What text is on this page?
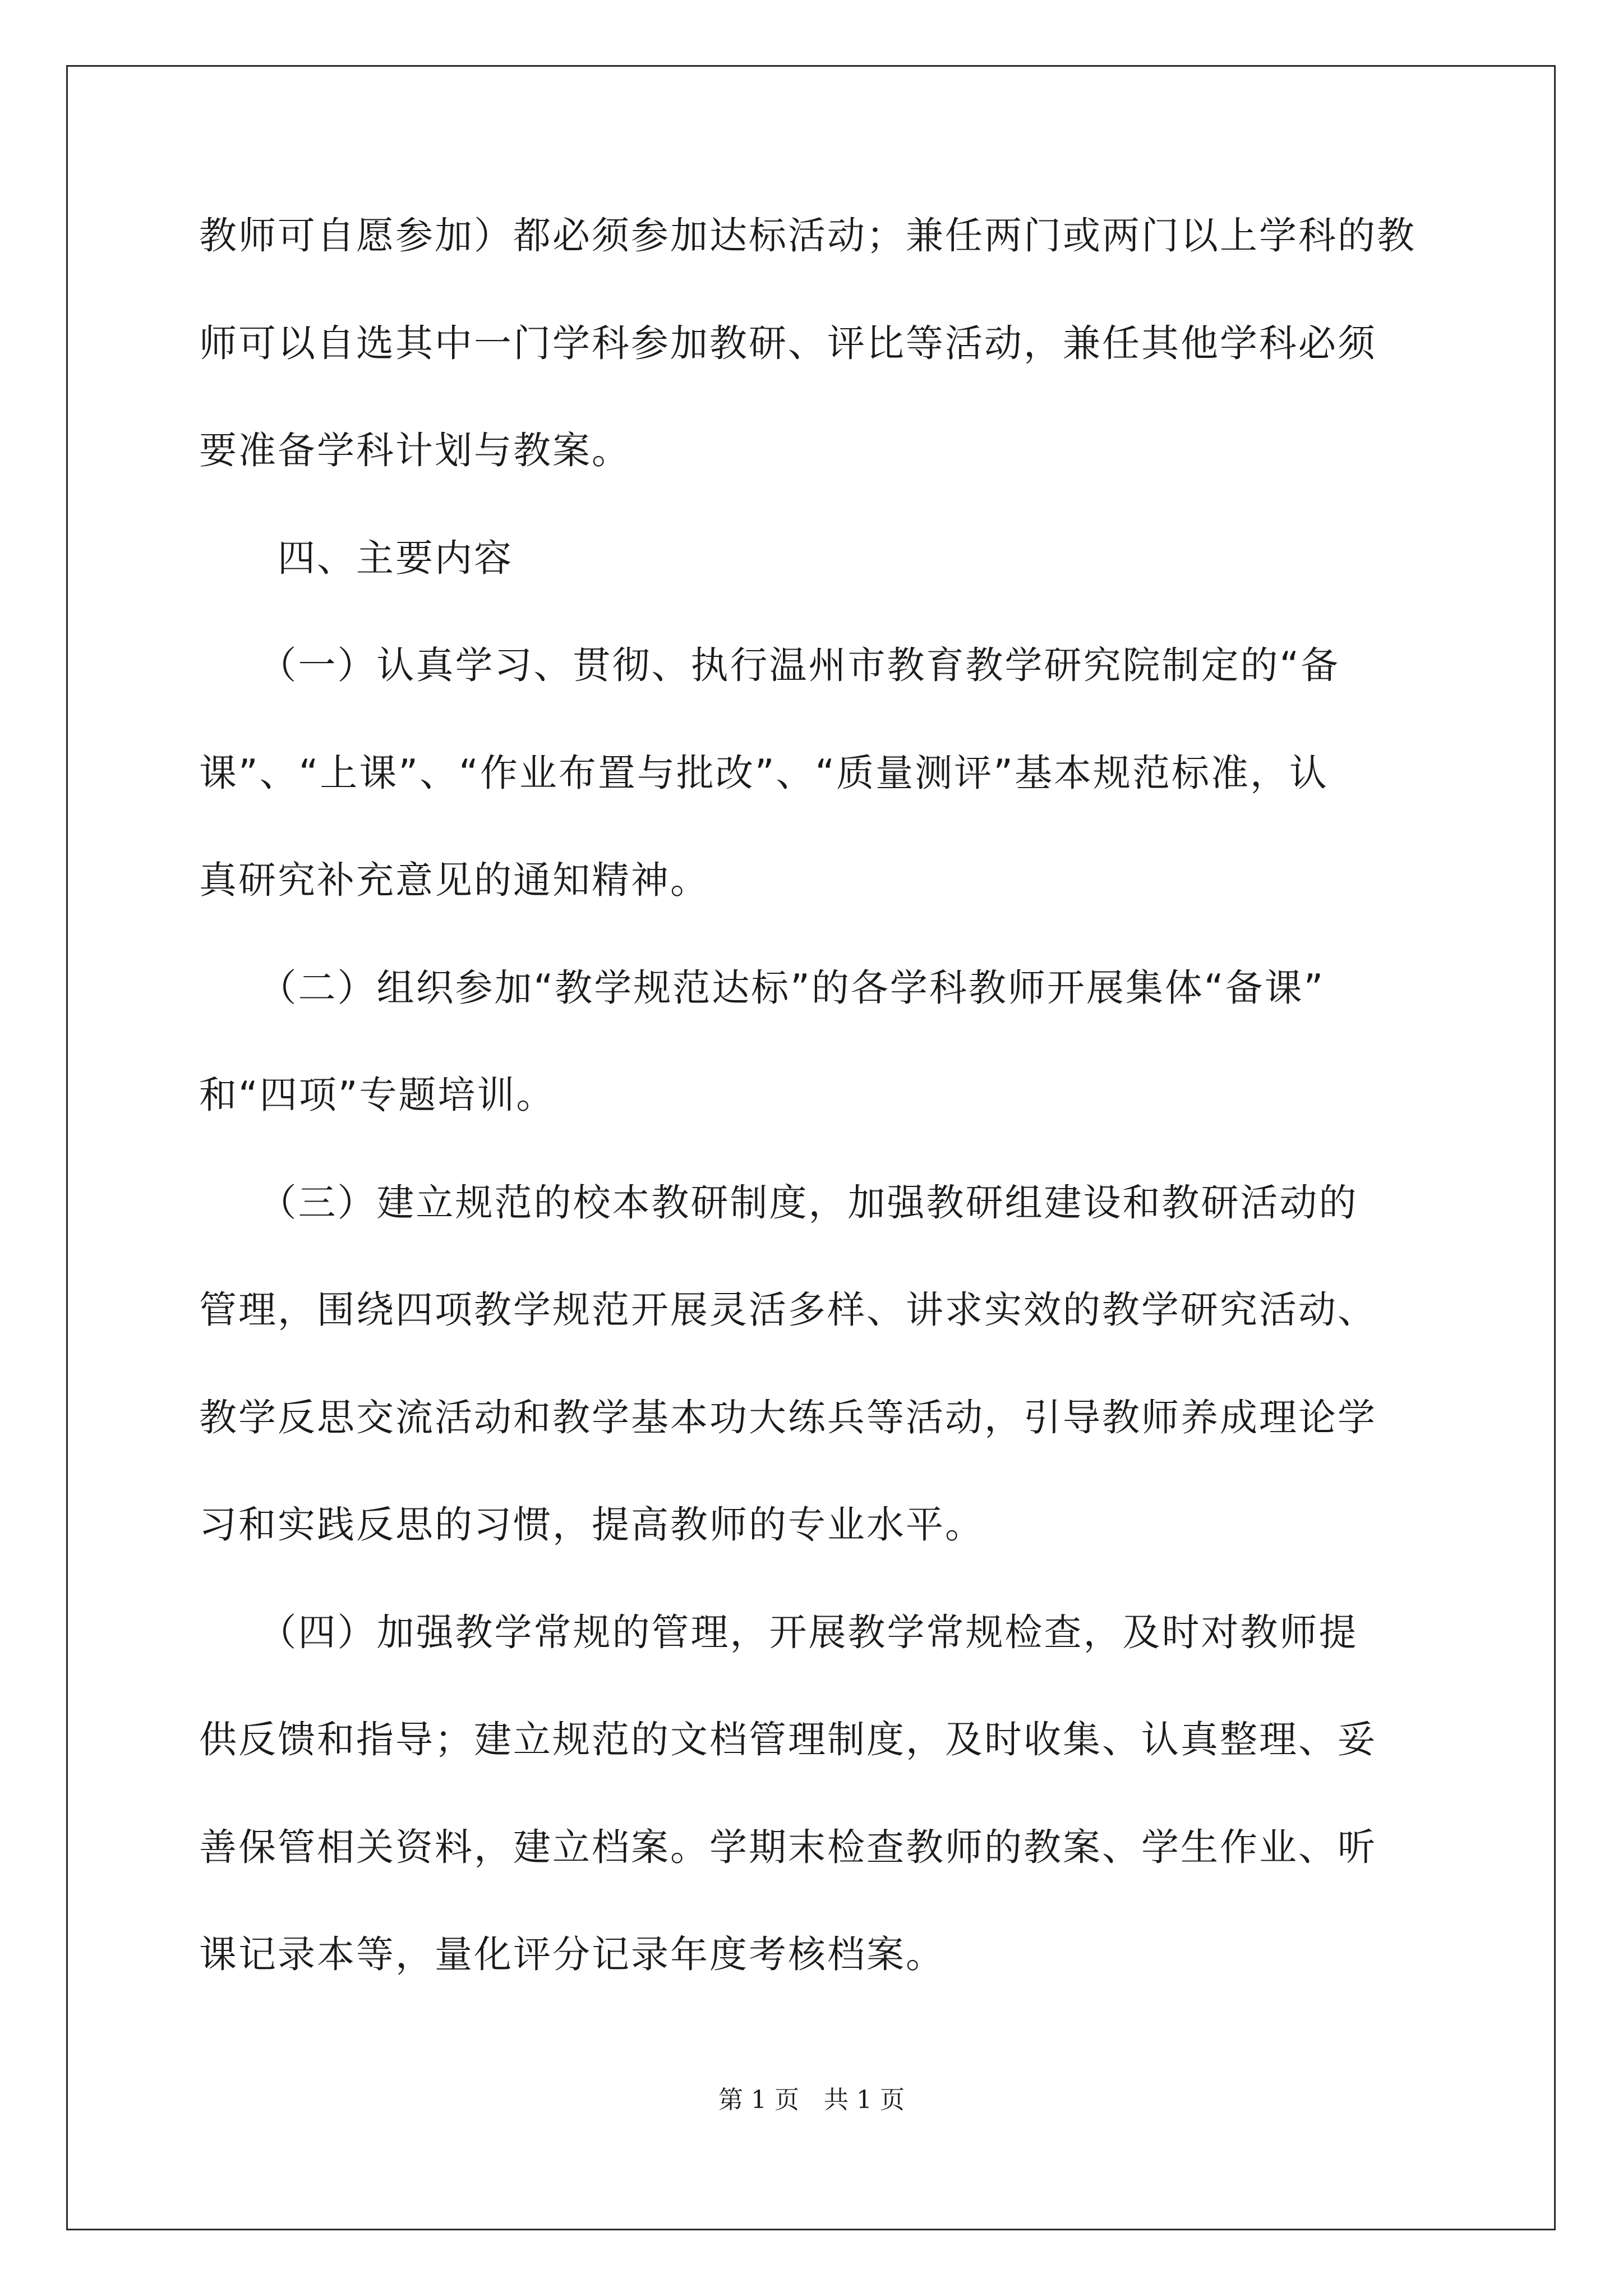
教师可自愿参加）都必须参加达标活动；兼任两门或两门以上学科的教
师可以自选其中一门学科参加教研、评比等活动，兼任其他学科必须
要准备学科计划与教案。
　　四、主要内容
　　（一）认真学习、贯彻、执行温州市教育教学研究院制定的“备
课”、“上课”、“作业布置与批改”、“质量测评”基本规范标准，认
真研究补充意见的通知精神。
　　（二）组织参加“教学规范达标”的各学科教师开展集体“备课”
和“四项”专题培训。
　　（三）建立规范的校本教研制度，加强教研组建设和教研活动的
管理，围绕四项教学规范开展灵活多样、讲求实效的教学研究活动、
教学反思交流活动和教学基本功大练兵等活动，引导教师养成理论学
习和实践反思的习惯，提高教师的专业水平。
　　（四）加强教学常规的管理，开展教学常规检查，及时对教师提
供反馈和指导；建立规范的文档管理制度，及时收集、认真整理、妥
善保管相关资料，建立档案。学期末检查教师的教案、学生作业、听
课记录本等，量化评分记录年度考核档案。
第 1 页　共 1 页
